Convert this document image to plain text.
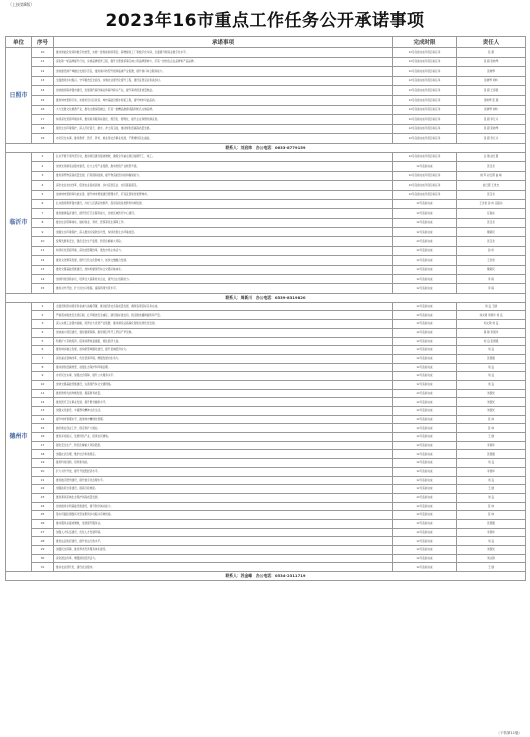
（上接第8版）
2023年16市重点工作任务公开承诺事项
单位	序号	承诺事项	完成时限	责任人
日照市	10	推动智能化改造和数字化转型，实施一批智能制造项目，新增智能工厂和数字化车间，全面提升制造业数字化水平。	12月底前完成年度目标任务	张 超
	11	深化新一轮品牌提升行动，实施品牌培育工程，提升日照绿茶等区域公用品牌影响力，打造一批知名企业品牌和产品品牌。	12月底前完成年度目标任务	张 超 张晓琴
	12	加快建设港产城融合发展示范区，推进港口转型升级和临港产业集聚，提升港口综合服务能力。	12月底前完成年度目标任务	张晓琴
	13	全面推进乡村振兴，守牢粮食安全底线，实施农业现代化提升工程，建设宜居宜业和美乡村。	12月底前完成年度目标任务	张晓琴 刘岭
	14	加快推进海洋强市建设，发展现代海洋渔业和海洋新兴产业，提升海洋经济质量效益。	12月底前完成年度目标任务	张 超 王庭凯
	15	推进城市更新行动，实施老旧小区改造、城市基础设施补短板工程，提升城市功能品质。	12月底前完成年度目标任务	张晓琴 张 超
	16	大力发展文化旅游产业，推动文旅深度融合，打造一批精品旅游线路和知名文旅品牌。	12月底前完成年度目标任务	张晓琴 刘岭
	17	持续深化营商环境改革，推进政务服务标准化、规范化、便利化，提升企业和群众满意度。	12月底前完成年度目标任务	张 超 李红兵
	18	强化生态环境保护，深入打好蓝天、碧水、净土保卫战，推动绿色低碳高质量发展。	12月底前完成年度目标任务	张 超 张晓琴
	19	办好民生实事，推进教育、医疗、养老、就业等社会事业发展，不断增进民生福祉。	12月底前完成年度目标任务	张 超 李红兵
联系人：刘启帅　办公电话：0633-8779159				
临沂市	1	扎实开展专项攻坚行动，推进项目建设提质增效，确保全年重点项目按期开工、竣工。	12月底前完成年度目标任务	任 刚 赵红霞
	2	加快先进制造业强市建设，壮大主导产业集群，推动传统产业转型升级。	12月底前完成	张宝龙
	3	推进商贸物流高质量发展，打造国际陆港，提升物流枢纽功能和辐射能力。	12月底前完成年度目标任务	姚 军 赵红霞 曲 峰
	4	深化农业农村改革，促进农业高质高效、乡村宜居宜业、农民富裕富足。	12月底前完成年度目标任务	赵红霞 王世杰
	5	加快城市更新和功能完善，提升城市规划建设管理水平，打造宜居韧性智慧城市。	12月底前完成年度目标任务	张宝龙
	6	扎实推进教育强市建设，办好人民满意的教育，促进各级各类教育协调发展。	12月底前完成	王洪泉 孙 伟 任振东
	7	推进健康临沂建设，提升医疗卫生服务能力，加快区域医疗中心建设。	12月底前完成	任振东
	8	健全社会保障体系，做好就业、养老、医保等民生保障工作。	12月底前完成	张宝龙
	9	加强生态环境保护，深入推进污染防治攻坚，持续改善生态环境质量。	12月底前完成	魏新民
	10	统筹发展和安全，强化安全生产监管，防范化解重大风险。	12月底前完成	张宝龙
	11	持续优化营商环境，深化放管服改革，激发市场主体活力。	12月底前完成	孙 伟
	12	推进文化繁荣发展，提升红色文化影响力，加快文旅融合发展。	12月底前完成	王洪泉
	13	推进交通基础设施建设，加快构建现代综合交通运输体系。	12月底前完成	魏新民
	14	加快科技创新步伐，培育壮大高新技术企业，提升自主创新能力。	12月底前完成	李 娟
	15	推进对外开放，扩大进出口规模，提高利用外资水平。	12月底前完成	李 娟
联系人：周新川　办公电话：0539-8319820				
德州市	1	全面贯彻落实国家和省重大战略部署，推动经济社会高质量发展，确保各项目标任务完成。	12月底前完成	刘 良 王健
	2	严格落实粮食安全责任制，扛牢粮食安全重任，建设高标准农田，稳定粮食播种面积和产量。	12月底前完成	刘文锦 李国华 刘 良
	3	深入实施工业强市战略，培育壮大优势产业集群，推动制造业高端化智能化绿色化发展。	12月底前完成	刘文锦 刘 良
	4	加快重大项目建设，强化要素保障，推进项目早开工早投产早见效。	12月底前完成	黄 敏 李国华
	5	积极扩大有效投资，促进消费恢复提振，稳住经济大盘。	12月底前完成	刘 良 张国强
	6	推进城乡融合发展，加快新型城镇化建设，提升县域经济实力。	12月底前完成	刘 良
	7	深化重点领域改革，优化营商环境，增强发展内生动力。	12月底前完成	张国强
	8	推动绿色低碳转型，加强生态保护和环境治理。	12月底前完成	刘 良
	9	办好民生实事，加强社会保障，提升公共服务水平。	12月底前完成	刘 良
	10	加快交通基础设施建设，完善现代综合交通网络。	12月底前完成	刘 良
	11	推进教育优质均衡发展，提高教育质量。	12月底前完成	刘国光
	12	推进医疗卫生事业发展，提升群众健康水平。	12月底前完成	刘国光
	13	加强文化建设，丰富群众精神文化生活。	12月底前完成	刘国光
	14	提升城市管理水平，推进城市精细化管理。	12月底前完成	张 林
	15	做好就业创业工作，稳定和扩大就业。	12月底前完成	张 林
	16	推进乡村振兴，发展特色产业，促进农民增收。	12月底前完成	王 健
	17	强化安全生产，防范化解重大风险隐患。	12月底前完成	李国华
	18	加强社会治理，维护社会和谐稳定。	12月底前完成	张国强
	19	推进科技创新，培育新动能。	12月底前完成	刘 良
	20	扩大对外开放，提升开放型经济水平。	12月底前完成	李国华
	21	推进数字德州建设，提升数字化治理水平。	12月底前完成	刘 良
	22	加强政府自身建设，提高行政效能。	12月底前完成	王 健
	23	推进黄河流域生态保护和高质量发展。	12月底前完成	刘 良
	24	加快推进水利基础设施建设，提升防洪减灾能力。	12月底前完成	张 林
	25	落实巩固拓展脱贫攻坚成果同乡村振兴有效衔接。	12月底前完成	张 林
	26	推动服务业提质增效，发展现代服务业。	12月底前完成	张国强
	27	加强人才队伍建设，优化人才发展环境。	12月底前完成	李国华
	28	推进法治政府建设，提升依法行政水平。	12月底前完成	刘 良
	29	加强民生保障，推进养老托育服务体系建设。	12月底前完成	刘国光
	30	深化国企改革，增强国有经济活力。	12月底前完成	刘文锦
	31	推动农业现代化，建设农业强市。	12月底前完成	王 健
联系人：苏金峰　办公电话：0534-2311719				
（下转第11版）
